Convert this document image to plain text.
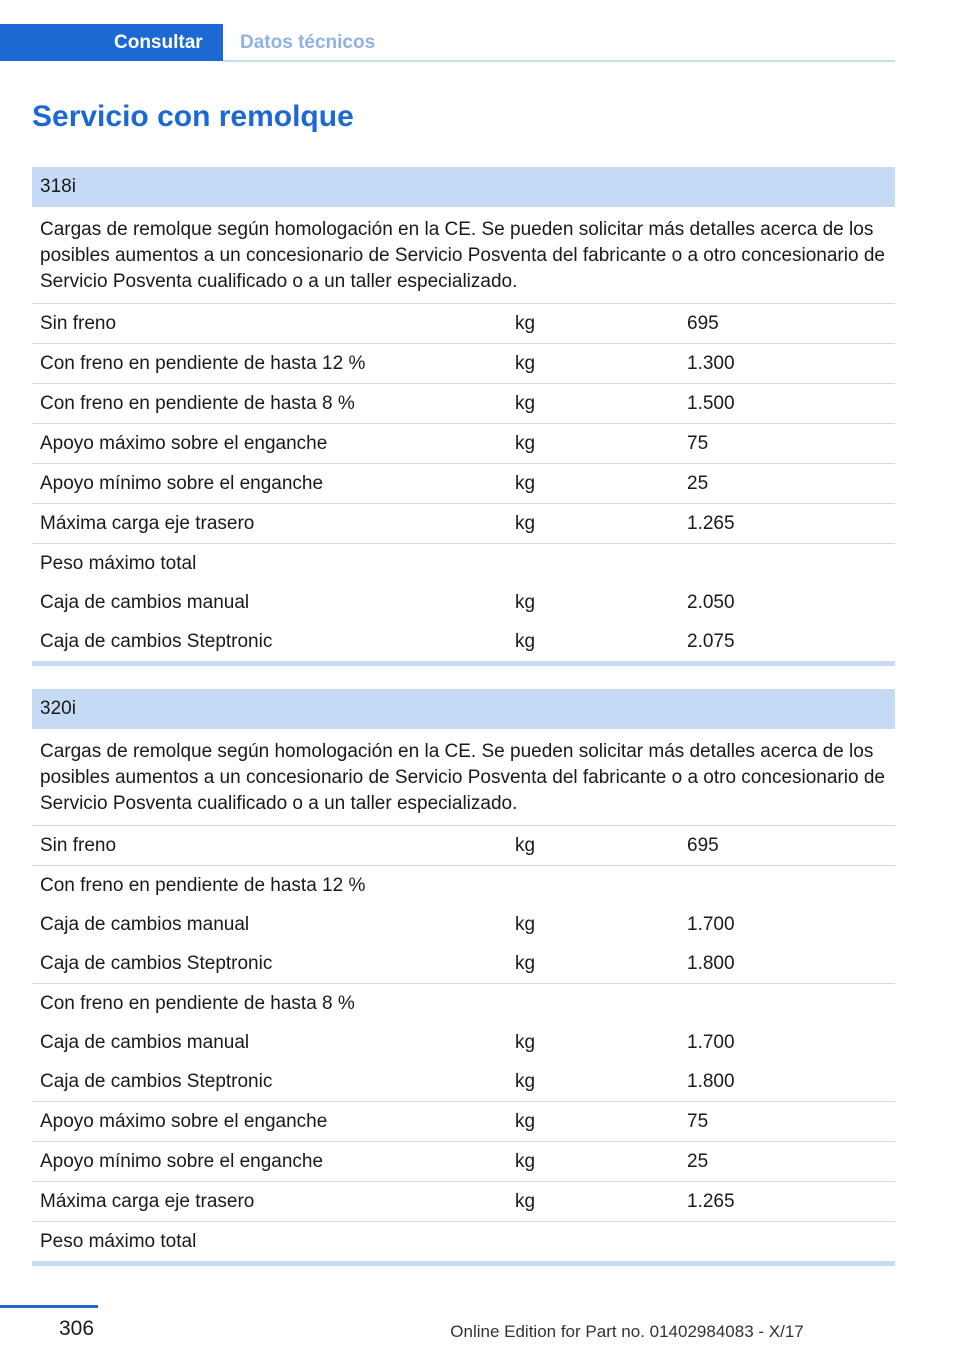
Consultar	Datos técnicos
Servicio con remolque
318i
Cargas de remolque según homologación en la CE. Se pueden solicitar más detalles acerca de los posibles aumentos a un concesionario de Servicio Posventa del fabricante o a otro concesionario de Servicio Posventa cualificado o a un taller especializado.
Sin freno	kg	695
Con freno en pendiente de hasta 12 %	kg	1.300
Con freno en pendiente de hasta 8 %	kg	1.500
Apoyo máximo sobre el enganche	kg	75
Apoyo mínimo sobre el enganche	kg	25
Máxima carga eje trasero	kg	1.265
Peso máximo total
Caja de cambios manual	kg	2.050
Caja de cambios Steptronic	kg	2.075
320i
Cargas de remolque según homologación en la CE. Se pueden solicitar más detalles acerca de los posibles aumentos a un concesionario de Servicio Posventa del fabricante o a otro concesionario de Servicio Posventa cualificado o a un taller especializado.
Sin freno	kg	695
Con freno en pendiente de hasta 12 %
Caja de cambios manual	kg	1.700
Caja de cambios Steptronic	kg	1.800
Con freno en pendiente de hasta 8 %
Caja de cambios manual	kg	1.700
Caja de cambios Steptronic	kg	1.800
Apoyo máximo sobre el enganche	kg	75
Apoyo mínimo sobre el enganche	kg	25
Máxima carga eje trasero	kg	1.265
Peso máximo total
306	Online Edition for Part no. 01402984083 - X/17
